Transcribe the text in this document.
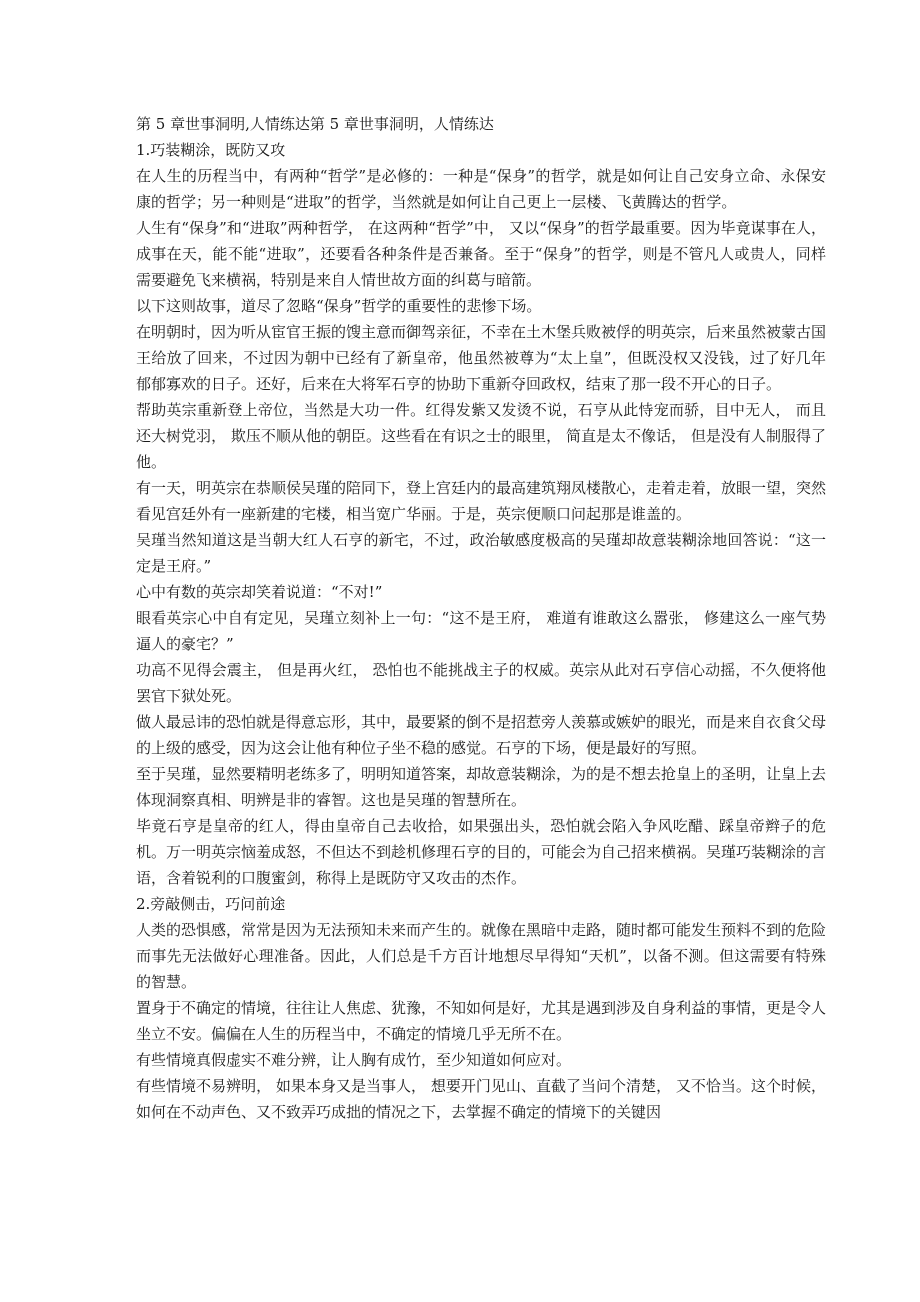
第 5 章世事洞明,人情练达第 5 章世事洞明，人情练达
1.巧装糊涂，既防又攻

在人生的历程当中，有两种“哲学”是必修的：一种是“保身”的哲学，就是如何让自己安身立命、永保安康的哲学；另一种则是“进取”的哲学，当然就是如何让自己更上一层楼、飞黄腾达的哲学。

人生有“保身”和“进取”两种哲学， 在这两种“哲学”中， 又以“保身”的哲学最重要。因为毕竟谋事在人，成事在天，能不能“进取”，还要看各种条件是否兼备。至于“保身”的哲学，则是不管凡人或贵人，同样需要避免飞来横祸，特别是来自人情世故方面的纠葛与暗箭。

以下这则故事，道尽了忽略“保身”哲学的重要性的悲惨下场。

在明朝时，因为听从宦官王振的馊主意而御驾亲征，不幸在土木堡兵败被俘的明英宗，后来虽然被蒙古国王给放了回来，不过因为朝中已经有了新皇帝，他虽然被尊为“太上皇”，但既没权又没钱，过了好几年郁郁寡欢的日子。还好，后来在大将军石亨的协助下重新夺回政权，结束了那一段不开心的日子。

帮助英宗重新登上帝位，当然是大功一件。红得发紫又发烫不说，石亨从此恃宠而骄，目中无人， 而且还大树党羽， 欺压不顺从他的朝臣。这些看在有识之士的眼里， 简直是太不像话， 但是没有人制服得了他。

有一天，明英宗在恭顺侯吴瑾的陪同下，登上宫廷内的最高建筑翔凤楼散心，走着走着，放眼一望，突然看见宫廷外有一座新建的宅楼，相当宽广华丽。于是，英宗便顺口问起那是谁盖的。

吴瑾当然知道这是当朝大红人石亨的新宅，不过，政治敏感度极高的吴瑾却故意装糊涂地回答说：“这一定是王府。”

心中有数的英宗却笑着说道：“不对!”

眼看英宗心中自有定见，吴瑾立刻补上一句：“这不是王府， 难道有谁敢这么嚣张， 修建这么一座气势逼人的豪宅？”

功高不见得会震主， 但是再火红， 恐怕也不能挑战主子的权威。英宗从此对石亨信心动摇，不久便将他罢官下狱处死。

做人最忌讳的恐怕就是得意忘形，其中，最要紧的倒不是招惹旁人羡慕或嫉妒的眼光，而是来自衣食父母的上级的感受，因为这会让他有种位子坐不稳的感觉。石亨的下场，便是最好的写照。

至于吴瑾，显然要精明老练多了，明明知道答案，却故意装糊涂，为的是不想去抢皇上的圣明，让皇上去体现洞察真相、明辨是非的睿智。这也是吴瑾的智慧所在。

毕竟石亨是皇帝的红人，得由皇帝自己去收拾，如果强出头，恐怕就会陷入争风吃醋、踩皇帝辫子的危机。万一明英宗恼羞成怒，不但达不到趁机修理石亨的目的，可能会为自己招来横祸。吴瑾巧装糊涂的言语，含着锐利的口腹蜜剑，称得上是既防守又攻击的杰作。

2.旁敲侧击，巧问前途

人类的恐惧感，常常是因为无法预知未来而产生的。就像在黑暗中走路，随时都可能发生预料不到的危险而事先无法做好心理准备。因此，人们总是千方百计地想尽早得知“天机”，以备不测。但这需要有特殊的智慧。

置身于不确定的情境，往往让人焦虑、犹豫，不知如何是好，尤其是遇到涉及自身利益的事情，更是令人坐立不安。偏偏在人生的历程当中，不确定的情境几乎无所不在。

有些情境真假虚实不难分辨，让人胸有成竹，至少知道如何应对。

有些情境不易辨明， 如果本身又是当事人， 想要开门见山、直截了当问个清楚， 又不恰当。这个时候，如何在不动声色、又不致弄巧成拙的情况之下，去掌握不确定的情境下的关键因
